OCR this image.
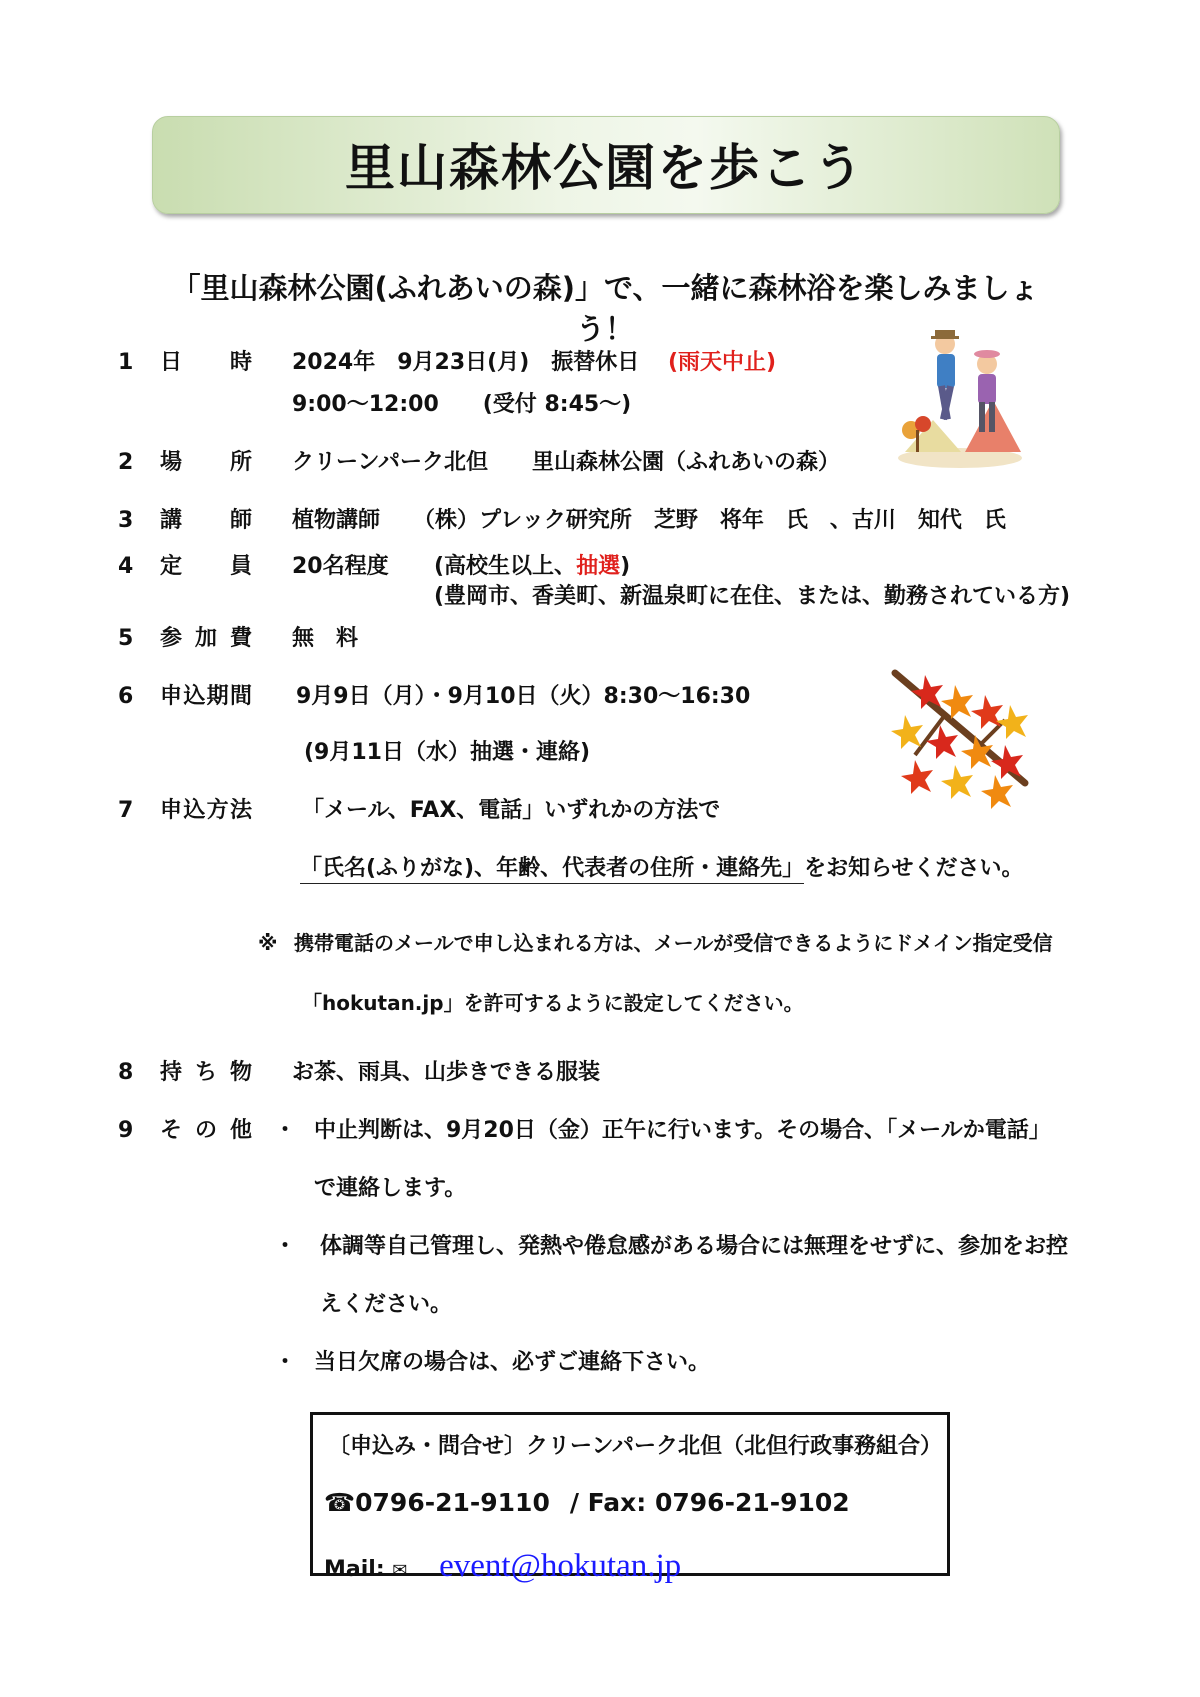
里山森林公園を歩こう
「里山森林公園(ふれあいの森)」で、一緒に森林浴を楽しみましょう！
1 日　時 2024年　9月23日(月)　振替休日 (雨天中止)
9:00～12:00　　(受付 8:45～)
2 場　所 クリーンパーク北但　　里山森林公園（ふれあいの森）
3 講　師 植物講師　　（株）プレック研究所　芝野　将年　氏　、古川　知代　氏
4 定　員 20名程度 (高校生以上、抽選)
(豊岡市、香美町、新温泉町に在住、または、勤務されている方)
5 参加費 無　料
6 申込期間 9月9日（月）・9月10日（火）8:30～16:30
(9月11日（水）抽選・連絡)
7 申込方法 「メール、FAX、電話」いずれかの方法で
「氏名(ふりがな)、年齢、代表者の住所・連絡先」をお知らせください。
※ 携帯電話のメールで申し込まれる方は、メールが受信できるようにドメイン指定受信
「hokutan.jp」を許可するように設定してください。
8 持ち物 お茶、雨具、山歩きできる服装
9 その他 ・ 中止判断は、9月20日（金）正午に行います。その場合、「メールか電話」
で連絡します。
・ 体調等自己管理し、発熱や倦怠感がある場合には無理をせずに、参加をお控
えください。
・ 当日欠席の場合は、必ずご連絡下さい。
〔申込み・問合せ〕クリーンパーク北但（北但行政事務組合）
☎0796-21-9110 / Fax: 0796-21-9102
Mail: ✉ event@hokutan.jp
